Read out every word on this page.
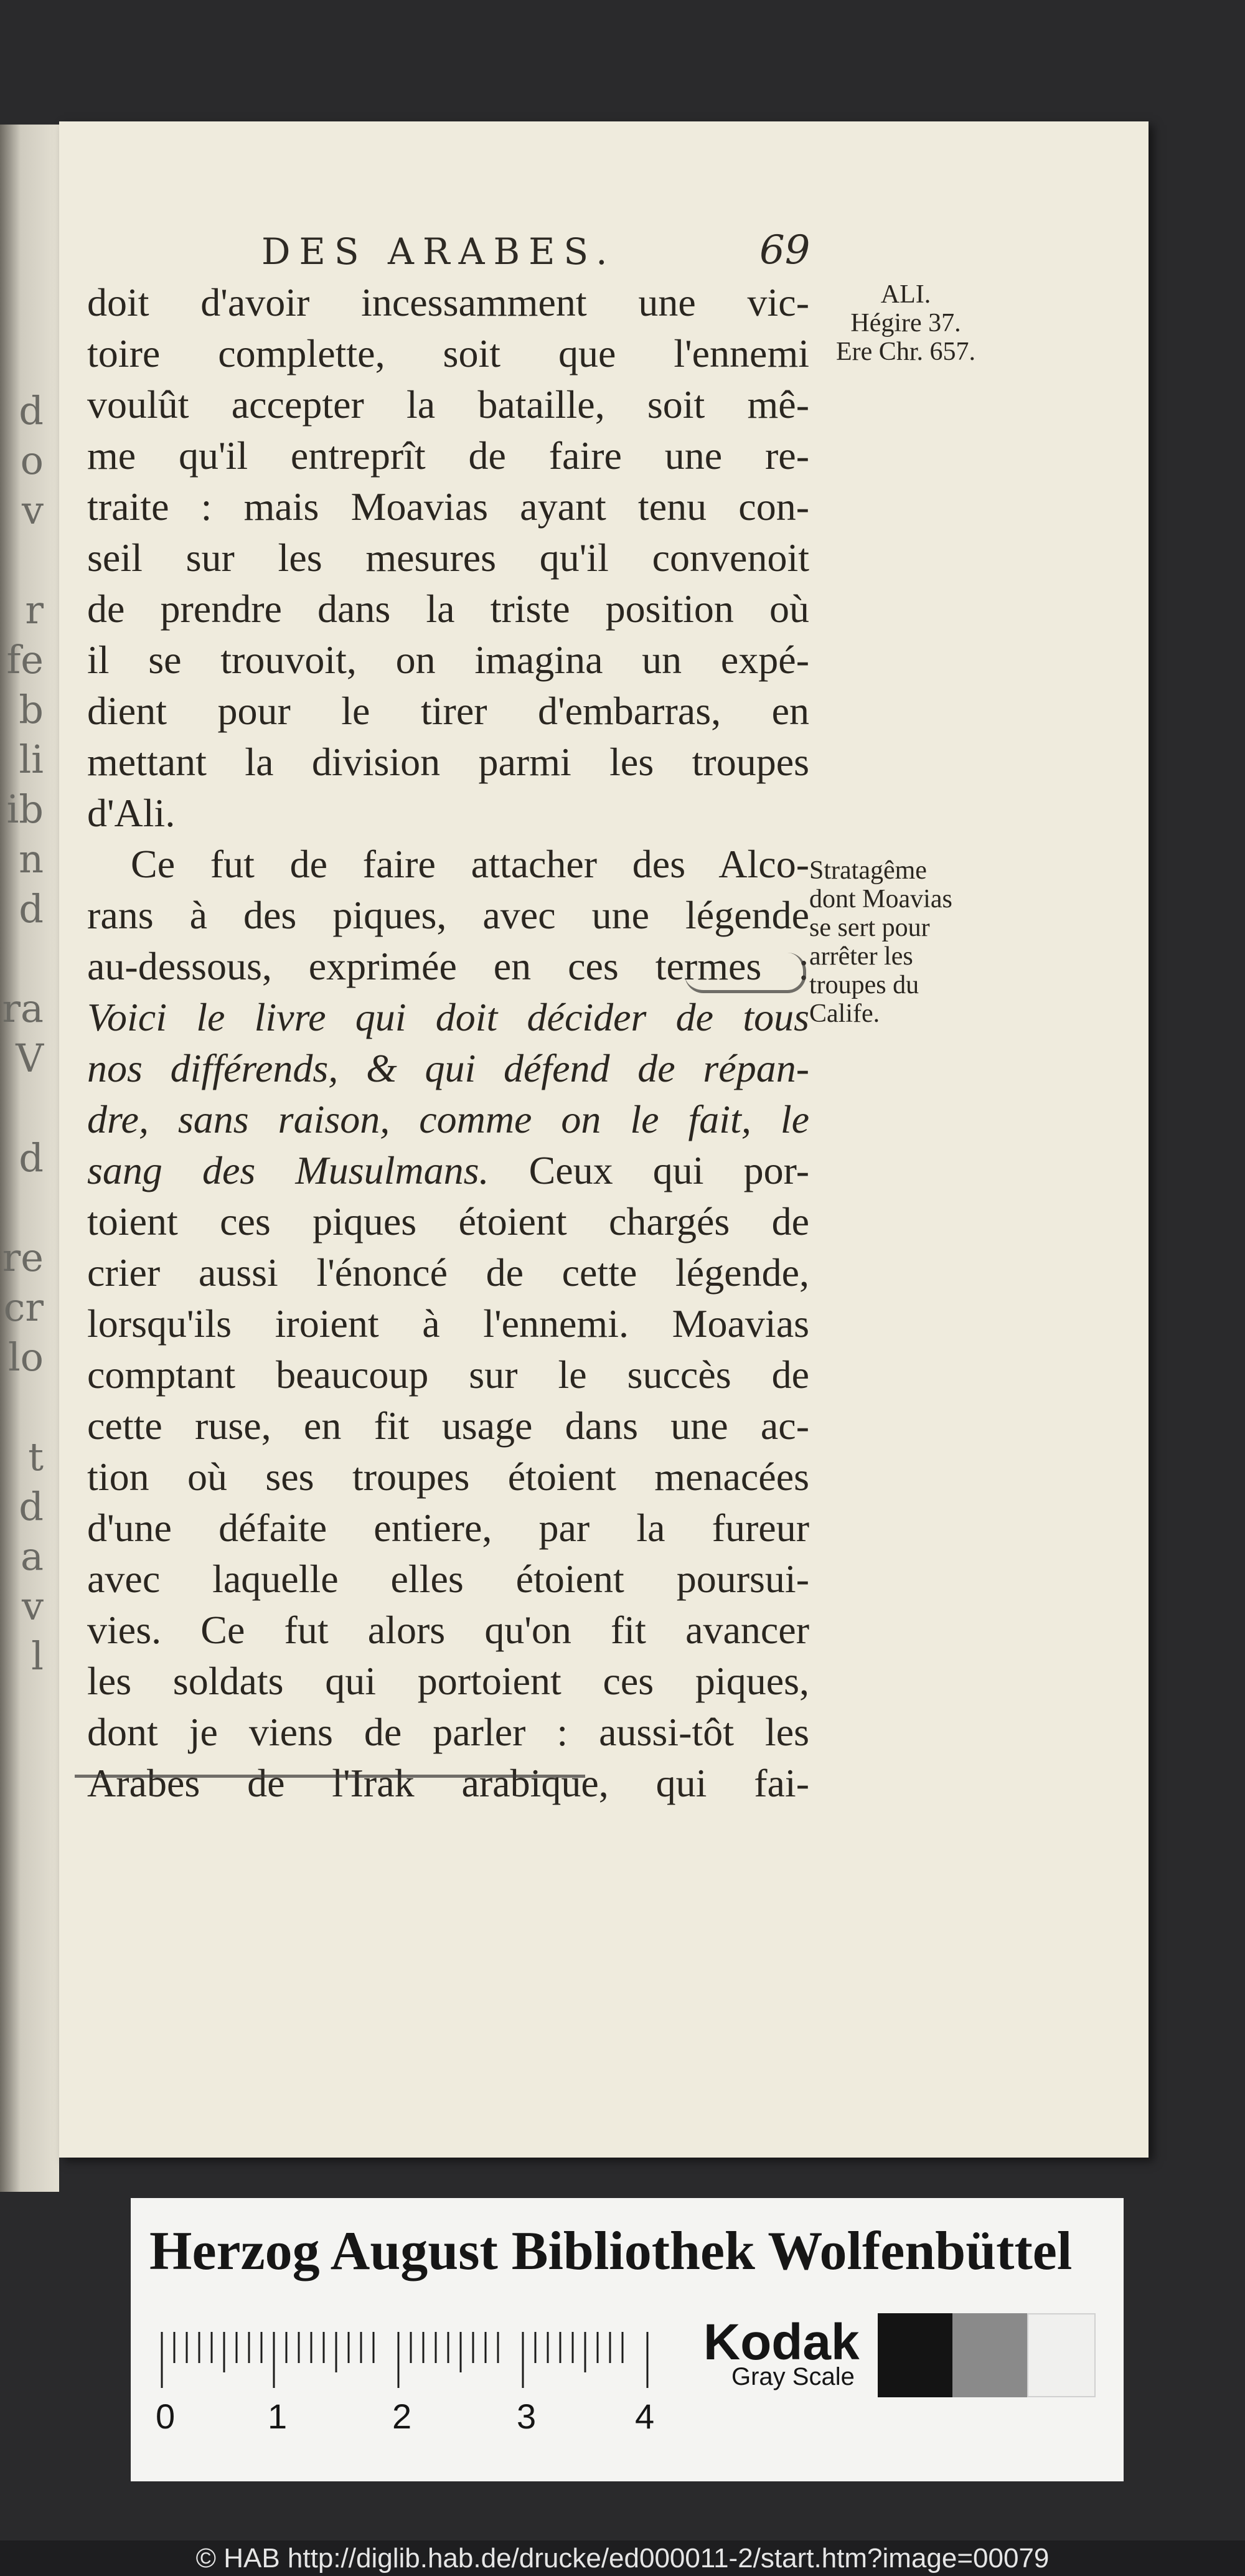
d
o
v

r
fe
b
li
ib
n
d

ra
V

d

re
cr
lo

t
d
a
v
l
DES ARABES.	69
ALI.
Hégire 37.
Ere Chr. 657.
Stratagême
dont Moavias
se sert pour
arrêter les
troupes du
Calife.
doit d'avoir incessamment une vic-
toire complette, soit que l'ennemi
voulût accepter la bataille, soit mê-
me qu'il entreprît de faire une re-
traite : mais Moavias ayant tenu con-
seil sur les mesures qu'il convenoit
de prendre dans la triste position où
il se trouvoit, on imagina un expé-
dient pour le tirer d'embarras, en
mettant la division parmi les troupes
d'Ali.
Ce fut de faire attacher des Alco-
rans à des piques, avec une légende
au-dessous, exprimée en ces termes :
Voici le livre qui doit décider de tous
nos différends, & qui défend de répan-
dre, sans raison, comme on le fait, le
sang des Musulmans. Ceux qui por-
toient ces piques étoient chargés de
crier aussi l'énoncé de cette légende,
lorsqu'ils iroient à l'ennemi. Moavias
comptant beaucoup sur le succès de
cette ruse, en fit usage dans une ac-
tion où ses troupes étoient menacées
d'une défaite entiere, par la fureur
avec laquelle elles étoient poursui-
vies. Ce fut alors qu'on fit avancer
les soldats qui portoient ces piques,
dont je viens de parler : aussi-tôt les
Arabes de l'Irak arabique, qui fai-
Herzog August Bibliothek Wolfenbüttel
0	1	2	3	4
Kodak
Gray Scale
© HAB http://diglib.hab.de/drucke/ed000011-2/start.htm?image=00079
